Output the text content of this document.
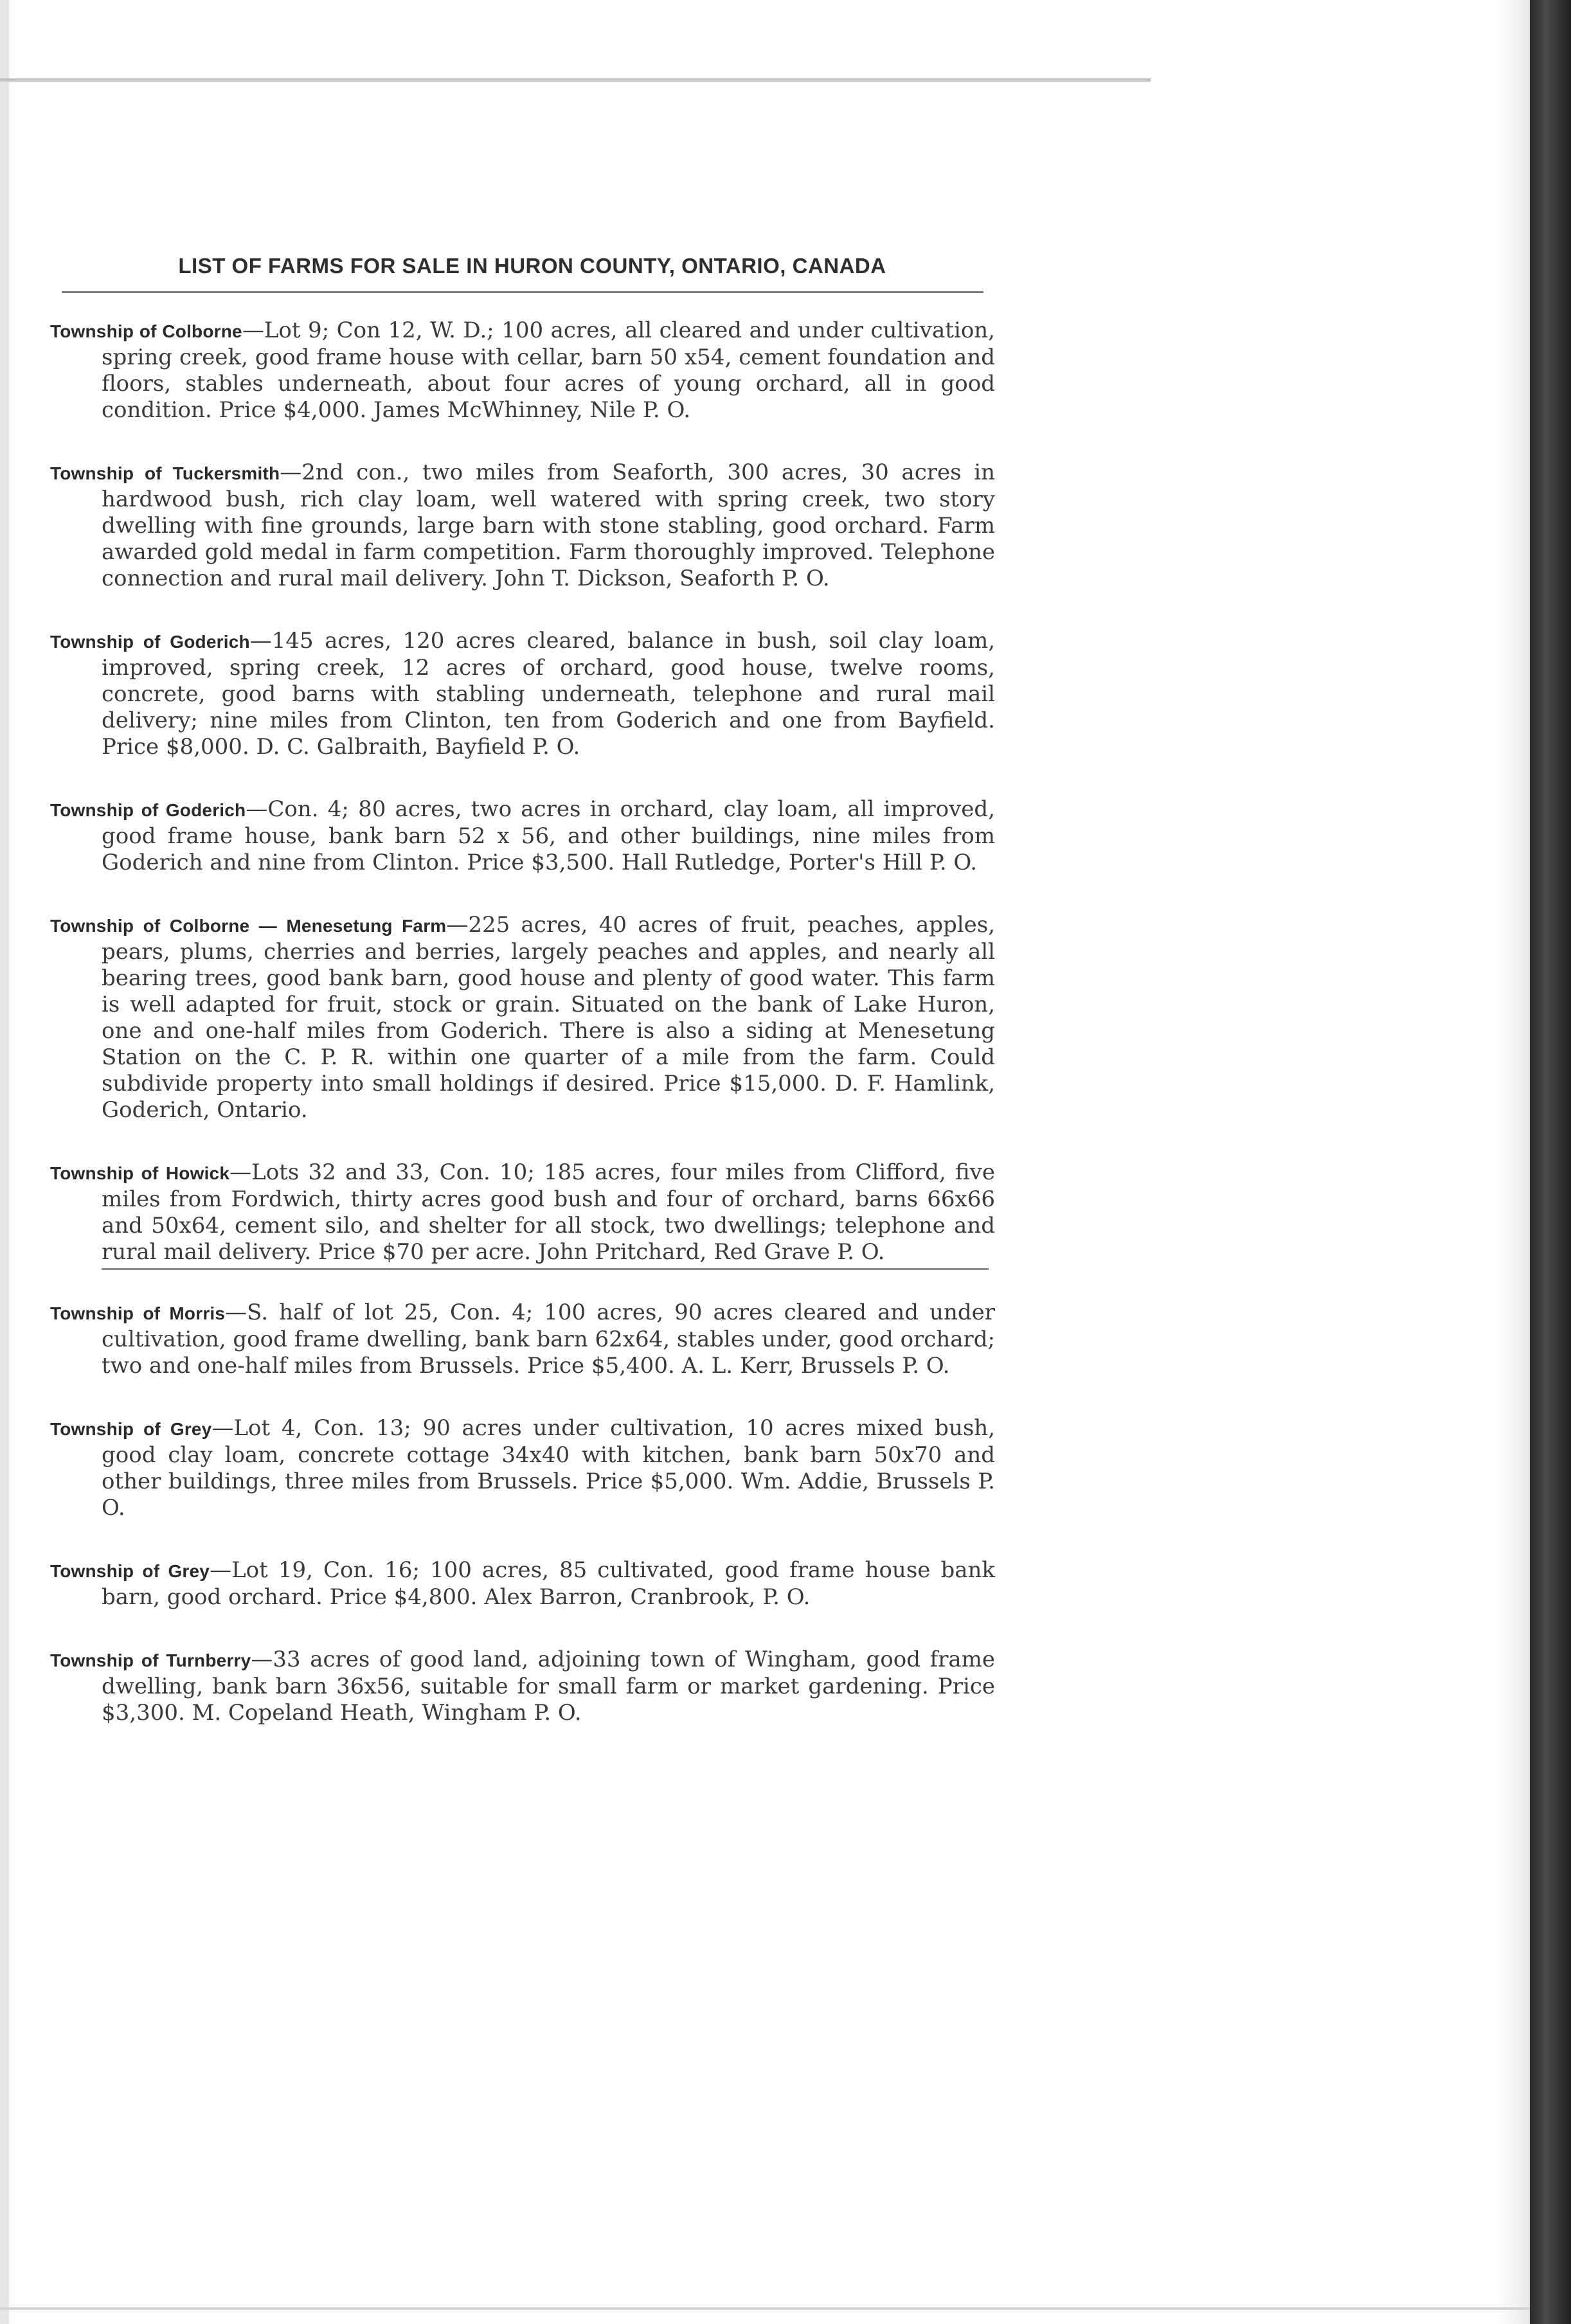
LIST OF FARMS FOR SALE IN HURON COUNTY, ONTARIO, CANADA
Township of Colborne—Lot 9; Con 12, W. D.; 100 acres, all cleared and under cultivation, spring creek, good frame house with cellar, barn 50 x54, cement foundation and floors, stables underneath, about four acres of young orchard, all in good condition. Price $4,000. James McWhinney, Nile P. O.
Township of Tuckersmith—2nd con., two miles from Seaforth, 300 acres, 30 acres in hardwood bush, rich clay loam, well watered with spring creek, two story dwelling with fine grounds, large barn with stone stabling, good orchard. Farm awarded gold medal in farm competition. Farm thoroughly improved. Telephone connection and rural mail delivery. John T. Dickson, Seaforth P. O.
Township of Goderich—145 acres, 120 acres cleared, balance in bush, soil clay loam, improved, spring creek, 12 acres of orchard, good house, twelve rooms, concrete, good barns with stabling underneath, telephone and rural mail delivery; nine miles from Clinton, ten from Goderich and one from Bayfield. Price $8,000. D. C. Galbraith, Bayfield P. O.
Township of Goderich—Con. 4; 80 acres, two acres in orchard, clay loam, all improved, good frame house, bank barn 52 x 56, and other buildings, nine miles from Goderich and nine from Clinton. Price $3,500. Hall Rutledge, Porter's Hill P. O.
Township of Colborne — Menesetung Farm—225 acres, 40 acres of fruit, peaches, apples, pears, plums, cherries and berries, largely peaches and apples, and nearly all bearing trees, good bank barn, good house and plenty of good water. This farm is well adapted for fruit, stock or grain. Situated on the bank of Lake Huron, one and one-half miles from Goderich. There is also a siding at Menesetung Station on the C. P. R. within one quarter of a mile from the farm. Could subdivide property into small holdings if desired. Price $15,000. D. F. Hamlink, Goderich, Ontario.
Township of Howick—Lots 32 and 33, Con. 10; 185 acres, four miles from Clifford, five miles from Fordwich, thirty acres good bush and four of orchard, barns 66x66 and 50x64, cement silo, and shelter for all stock, two dwellings; telephone and rural mail delivery. Price $70 per acre. John Pritchard, Red Grave P. O.
Township of Morris—S. half of lot 25, Con. 4; 100 acres, 90 acres cleared and under cultivation, good frame dwelling, bank barn 62x64, stables under, good orchard; two and one-half miles from Brussels. Price $5,400. A. L. Kerr, Brussels P. O.
Township of Grey—Lot 4, Con. 13; 90 acres under cultivation, 10 acres mixed bush, good clay loam, concrete cottage 34x40 with kitchen, bank barn 50x70 and other buildings, three miles from Brussels. Price $5,000. Wm. Addie, Brussels P. O.
Township of Grey—Lot 19, Con. 16; 100 acres, 85 cultivated, good frame house bank barn, good orchard. Price $4,800. Alex Barron, Cranbrook, P. O.
Township of Turnberry—33 acres of good land, adjoining town of Wingham, good frame dwelling, bank barn 36x56, suitable for small farm or market gardening. Price $3,300. M. Copeland Heath, Wingham P. O.
